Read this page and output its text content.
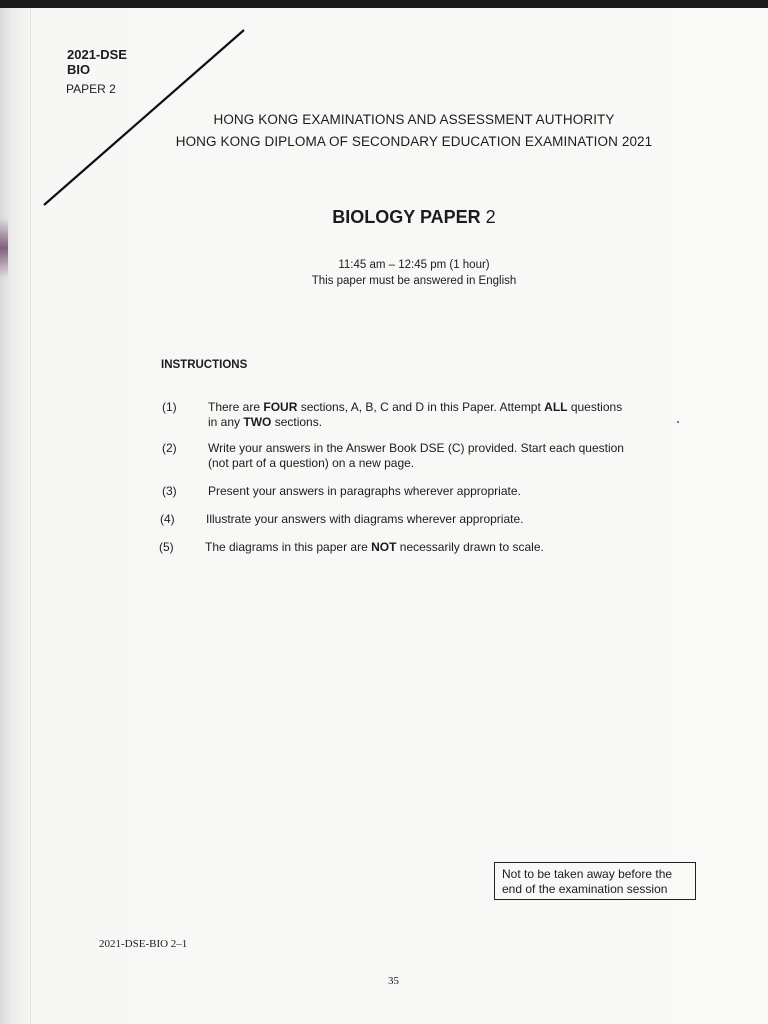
2021-DSE
BIO
PAPER 2
HONG KONG EXAMINATIONS AND ASSESSMENT AUTHORITY
HONG KONG DIPLOMA OF SECONDARY EDUCATION EXAMINATION 2021
BIOLOGY PAPER 2
11:45 am – 12:45 pm (1 hour)
This paper must be answered in English
INSTRUCTIONS
(1)	There are FOUR sections, A, B, C and D in this Paper. Attempt ALL questions
in any TWO sections.
(2)	Write your answers in the Answer Book DSE (C) provided. Start each question
(not part of a question) on a new page.
(3)	Present your answers in paragraphs wherever appropriate.
(4)	Illustrate your answers with diagrams wherever appropriate.
(5)	The diagrams in this paper are NOT necessarily drawn to scale.
Not to be taken away before the
end of the examination session
2021-DSE-BIO 2–1
35
